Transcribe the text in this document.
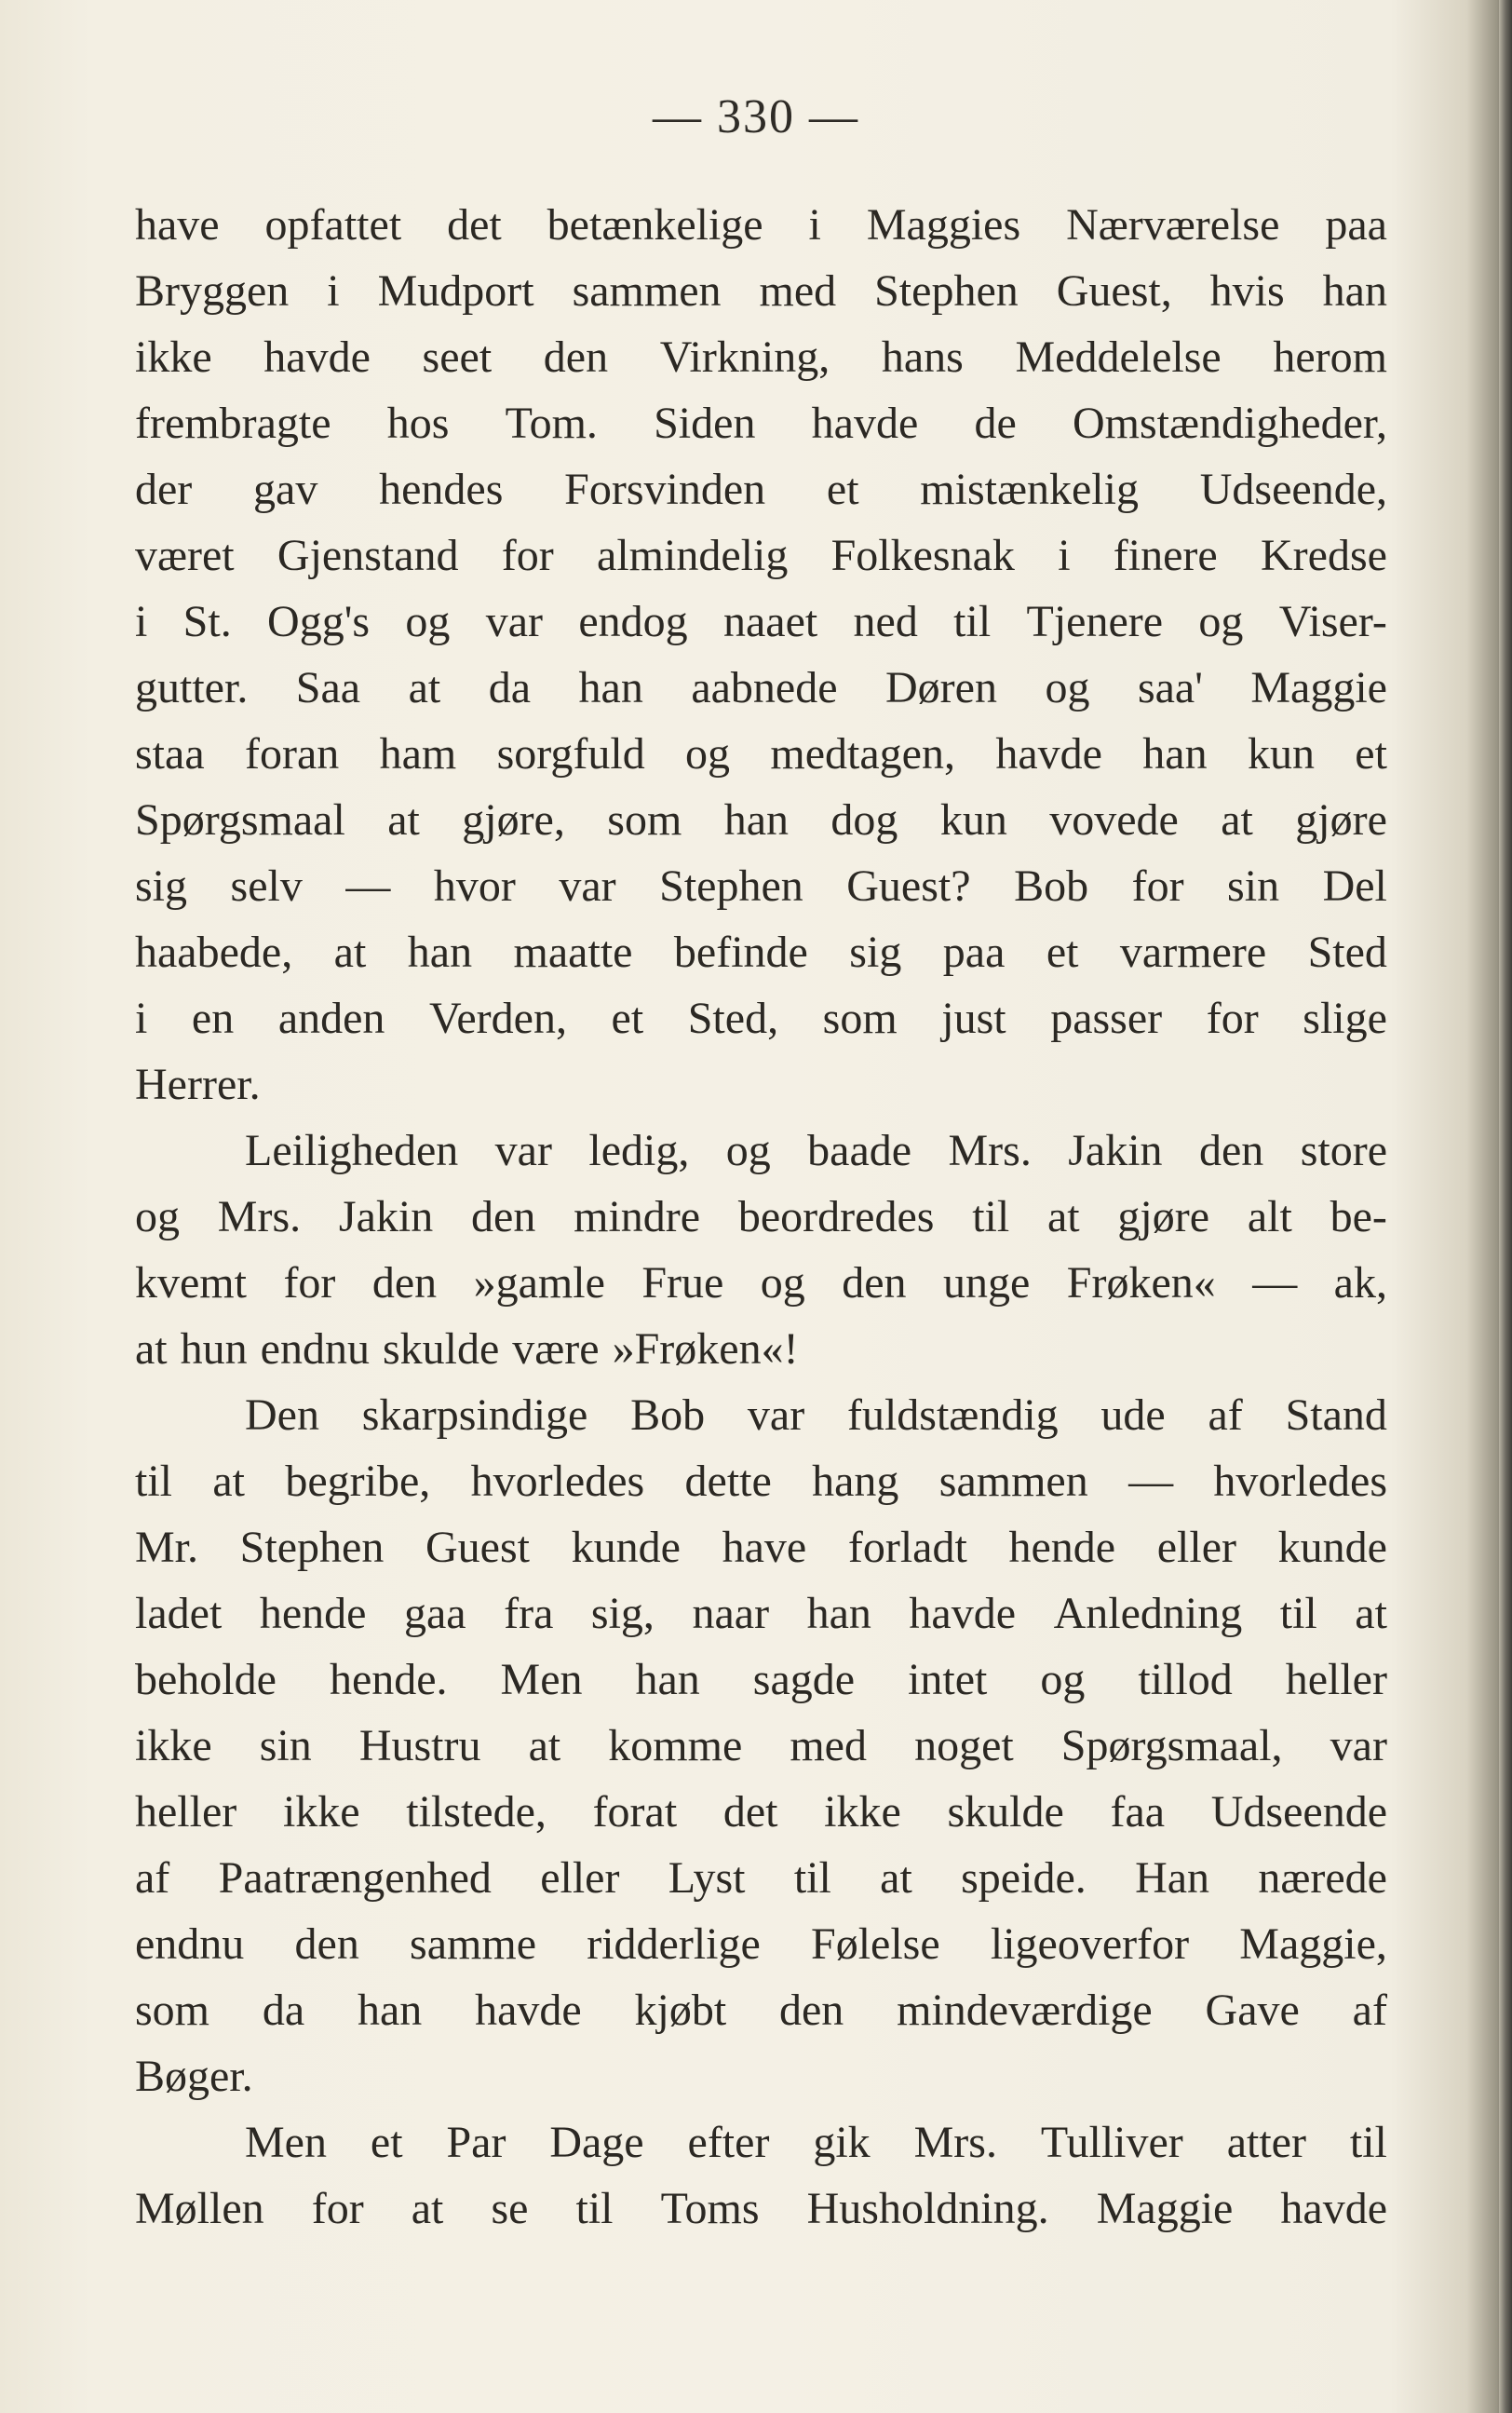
— 330 —
have opfattet det betænkelige i Maggies Nærværelse paa
Bryggen i Mudport sammen med Stephen Guest, hvis han
ikke havde seet den Virkning, hans Meddelelse herom
frembragte hos Tom. Siden havde de Omstændigheder,
der gav hendes Forsvinden et mistænkelig Udseende,
været Gjenstand for almindelig Folkesnak i finere Kredse
i St. Ogg's og var endog naaet ned til Tjenere og Viser-
gutter. Saa at da han aabnede Døren og saa' Maggie
staa foran ham sorgfuld og medtagen, havde han kun et
Spørgsmaal at gjøre, som han dog kun vovede at gjøre
sig selv — hvor var Stephen Guest? Bob for sin Del
haabede, at han maatte befinde sig paa et varmere Sted
i en anden Verden, et Sted, som just passer for slige
Herrer.
Leiligheden var ledig, og baade Mrs. Jakin den store
og Mrs. Jakin den mindre beordredes til at gjøre alt be-
kvemt for den »gamle Frue og den unge Frøken« — ak,
at hun endnu skulde være »Frøken«!
Den skarpsindige Bob var fuldstændig ude af Stand
til at begribe, hvorledes dette hang sammen — hvorledes
Mr. Stephen Guest kunde have forladt hende eller kunde
ladet hende gaa fra sig, naar han havde Anledning til at
beholde hende. Men han sagde intet og tillod heller
ikke sin Hustru at komme med noget Spørgsmaal, var
heller ikke tilstede, forat det ikke skulde faa Udseende
af Paatrængenhed eller Lyst til at speide. Han nærede
endnu den samme ridderlige Følelse ligeoverfor Maggie,
som da han havde kjøbt den mindeværdige Gave af
Bøger.
Men et Par Dage efter gik Mrs. Tulliver atter til
Møllen for at se til Toms Husholdning. Maggie havde
